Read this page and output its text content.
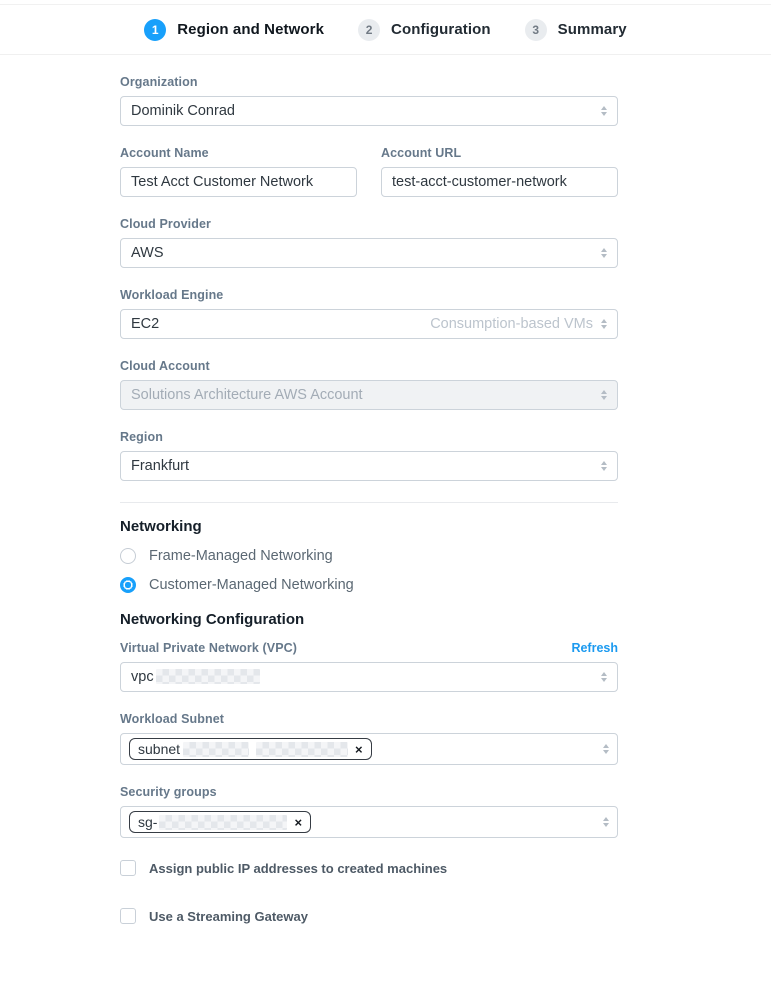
1	Region and Network	2	Configuration	3	Summary
Organization
Dominik Conrad
Account Name
Test Acct Customer Network
Account URL
test-acct-customer-network
Cloud Provider
AWS
Workload Engine
EC2	Consumption-based VMs
Cloud Account
Solutions Architecture AWS Account
Region
Frankfurt
Networking
Frame-Managed Networking
Customer-Managed Networking
Networking Configuration
Virtual Private Network (VPC)	Refresh
vpc
Workload Subnet
subnet	×
Security groups
sg-	×
Assign public IP addresses to created machines
Use a Streaming Gateway
